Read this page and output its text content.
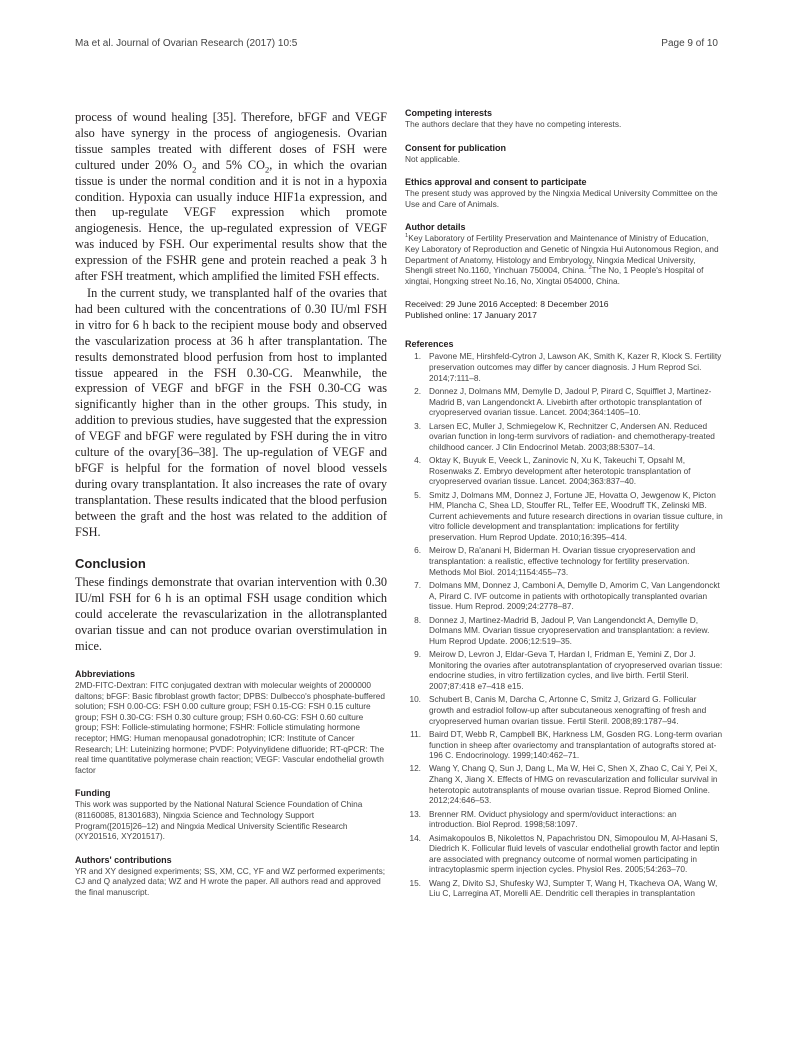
Ma et al. Journal of Ovarian Research (2017) 10:5	Page 9 of 10

process of wound healing [35]. Therefore, bFGF and VEGF also have synergy in the process of angiogenesis. Ovarian tissue samples treated with different doses of FSH were cultured under 20% $O_2$ and 5% $CO_2$, in which the ovarian tissue is under the normal condition and it is not in a hypoxia condition. Hypoxia can usually induce HIF1a expression, and then up-regulate VEGF expression which promote angiogenesis. Hence, the up-regulated expression of VEGF was induced by FSH. Our experimental results show that the expression of the FSHR gene and protein reached a peak 3 h after FSH treatment, which amplified the limited FSH effects.

In the current study, we transplanted half of the ovaries that had been cultured with the concentrations of 0.30 IU/ml FSH in vitro for 6 h back to the recipient mouse body and observed the vascularization process at 36 h after transplantation. The results demonstrated blood perfusion from host to implanted tissue appeared in the FSH 0.30-CG. Meanwhile, the expression of VEGF and bFGF in the FSH 0.30-CG was significantly higher than in the other groups. This study, in addition to previous studies, have suggested that the expression of VEGF and bFGF were regulated by FSH during the in vitro culture of the ovary[36–38]. The up-regulation of VEGF and bFGF is helpful for the formation of novel blood vessels during ovary transplantation. It also increases the rate of ovary transplantation. These results indicated that the blood perfusion between the graft and the host was related to the addition of FSH.

Conclusion

These findings demonstrate that ovarian intervention with 0.30 IU/ml FSH for 6 h is an optimal FSH usage condition which could accelerate the revascularization in the allotransplanted ovarian tissue and can not produce ovarian overstimulation in mice.

Abbreviations

2MD-FITC-Dextran: FITC conjugated dextran with molecular weights of 2000000 daltons; bFGF: Basic fibroblast growth factor; DPBS: Dulbecco's phosphate-buffered solution; FSH 0.00-CG: FSH 0.00 culture group; FSH 0.15-CG: FSH 0.15 culture group; FSH 0.30-CG: FSH 0.30 culture group; FSH 0.60-CG: FSH 0.60 culture group; FSH: Follicle-stimulating hormone; FSHR: Follicle stimulating hormone receptor; HMG: Human menopausal gonadotrophin; ICR: Institute of Cancer Research; LH: Luteinizing hormone; PVDF: Polyvinylidene difluoride; RT-qPCR: The real time quantitative polymerase chain reaction; VEGF: Vascular endothelial growth factor

Funding

This work was supported by the National Natural Science Foundation of China (81160085, 81301683), Ningxia Science and Technology Support Program([2015]26–12) and Ningxia Medical University Scientific Research (XY201516, XY201517).

Authors' contributions

YR and XY designed experiments; SS, XM, CC, YF and WZ performed experiments; CJ and Q analyzed data; WZ and H wrote the paper. All authors read and approved the final manuscript.

Competing interests

The authors declare that they have no competing interests.

Consent for publication

Not applicable.

Ethics approval and consent to participate

The present study was approved by the Ningxia Medical University Committee on the Use and Care of Animals.

Author details

$^1$Key Laboratory of Fertility Preservation and Maintenance of Ministry of Education, Key Laboratory of Reproduction and Genetic of Ningxia Hui Autonomous Region, and Department of Anatomy, Histology and Embryology, Ningxia Medical University, Shengli street No.1160, Yinchuan 750004, China. $^2$The No, 1 People's Hospital of xingtai, Hongxing street No.16, No, Xingtai 054000, China.

Received: 29 June 2016 Accepted: 8 December 2016

Published online: 17 January 2017

References
1. Pavone ME, Hirshfeld-Cytron J, Lawson AK, Smith K, Kazer R, Klock S. Fertility preservation outcomes may differ by cancer diagnosis. J Hum Reprod Sci. 2014;7:111–8.
2. Donnez J, Dolmans MM, Demylle D, Jadoul P, Pirard C, Squifflet J, Martinez-Madrid B, van Langendonckt A. Livebirth after orthotopic transplantation of cryopreserved ovarian tissue. Lancet. 2004;364:1405–10.
3. Larsen EC, Muller J, Schmiegelow K, Rechnitzer C, Andersen AN. Reduced ovarian function in long-term survivors of radiation- and chemotherapy-treated childhood cancer. J Clin Endocrinol Metab. 2003;88:5307–14.
4. Oktay K, Buyuk E, Veeck L, Zaninovic N, Xu K, Takeuchi T, Opsahl M, Rosenwaks Z. Embryo development after heterotopic transplantation of cryopreserved ovarian tissue. Lancet. 2004;363:837–40.
5. Smitz J, Dolmans MM, Donnez J, Fortune JE, Hovatta O, Jewgenow K, Picton HM, Plancha C, Shea LD, Stouffer RL, Telfer EE, Woodruff TK, Zelinski MB. Current achievements and future research directions in ovarian tissue culture, in vitro follicle development and transplantation: implications for fertility preservation. Hum Reprod Update. 2010;16:395–414.
6. Meirow D, Ra'anani H, Biderman H. Ovarian tissue cryopreservation and transplantation: a realistic, effective technology for fertility preservation. Methods Mol Biol. 2014;1154:455–73.
7. Dolmans MM, Donnez J, Camboni A, Demylle D, Amorim C, Van Langendonckt A, Pirard C. IVF outcome in patients with orthotopically transplanted ovarian tissue. Hum Reprod. 2009;24:2778–87.
8. Donnez J, Martinez-Madrid B, Jadoul P, Van Langendonckt A, Demylle D, Dolmans MM. Ovarian tissue cryopreservation and transplantation: a review. Hum Reprod Update. 2006;12:519–35.
9. Meirow D, Levron J, Eldar-Geva T, Hardan I, Fridman E, Yemini Z, Dor J. Monitoring the ovaries after autotransplantation of cryopreserved ovarian tissue: endocrine studies, in vitro fertilization cycles, and live birth. Fertil Steril. 2007;87:418 e7–418 e15.
10. Schubert B, Canis M, Darcha C, Artonne C, Smitz J, Grizard G. Follicular growth and estradiol follow-up after subcutaneous xenografting of fresh and cryopreserved human ovarian tissue. Fertil Steril. 2008;89:1787–94.
11. Baird DT, Webb R, Campbell BK, Harkness LM, Gosden RG. Long-term ovarian function in sheep after ovariectomy and transplantation of autografts stored at-196 C. Endocrinology. 1999;140:462–71.
12. Wang Y, Chang Q, Sun J, Dang L, Ma W, Hei C, Shen X, Zhao C, Cai Y, Pei X, Zhang X, Jiang X. Effects of HMG on revascularization and follicular survival in heterotopic autotransplants of mouse ovarian tissue. Reprod Biomed Online. 2012;24:646–53.
13. Brenner RM. Oviduct physiology and sperm/oviduct interactions: an introduction. Biol Reprod. 1998;58:1097.
14. Asimakopoulos B, Nikolettos N, Papachristou DN, Simopoulou M, Al-Hasani S, Diedrich K. Follicular fluid levels of vascular endothelial growth factor and leptin are associated with pregnancy outcome of normal women participating in intracytoplasmic sperm injection cycles. Physiol Res. 2005;54:263–70.
15. Wang Z, Divito SJ, Shufesky WJ, Sumpter T, Wang H, Tkacheva OA, Wang W, Liu C, Larregina AT, Morelli AE. Dendritic cell therapies in transplantation
